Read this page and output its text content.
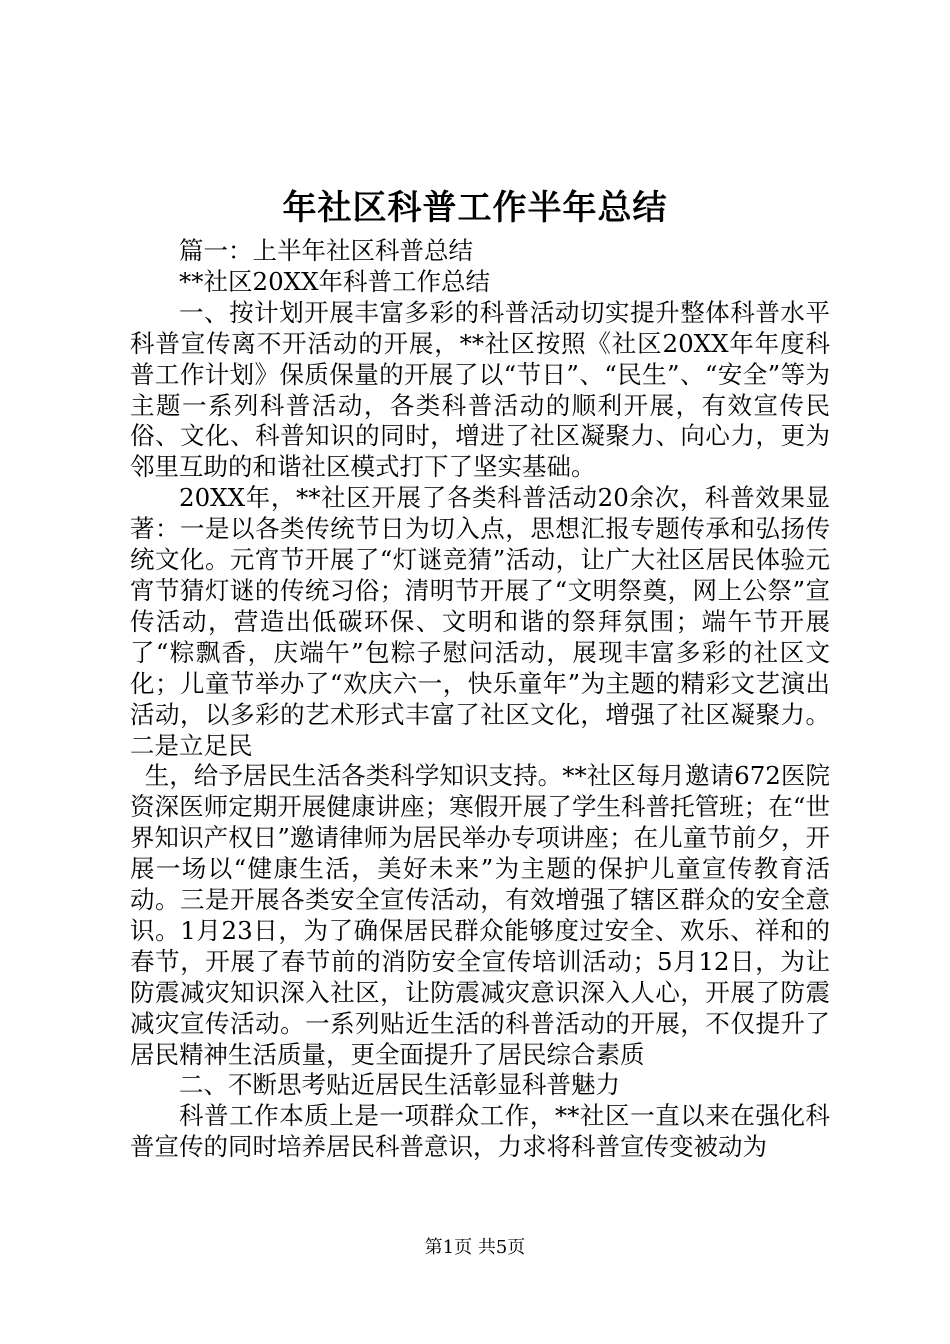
年社区科普工作半年总结

篇一：上半年社区科普总结

**社区20XX年科普工作总结

一、按计划开展丰富多彩的科普活动切实提升整体科普水平科普宣传离不开活动的开展，**社区按照《社区20XX年年度科普工作计划》保质保量的开展了以“节日”、“民生”、“安全”等为主题一系列科普活动，各类科普活动的顺利开展，有效宣传民俗、文化、科普知识的同时，增进了社区凝聚力、向心力，更为邻里互助的和谐社区模式打下了坚实基础。

20XX年，**社区开展了各类科普活动20余次，科普效果显著：一是以各类传统节日为切入点，思想汇报专题传承和弘扬传统文化。元宵节开展了“灯谜竞猜”活动，让广大社区居民体验元宵节猜灯谜的传统习俗；清明节开展了“文明祭奠，网上公祭”宣传活动，营造出低碳环保、文明和谐的祭拜氛围；端午节开展了“粽飘香，庆端午”包粽子慰问活动，展现丰富多彩的社区文化；儿童节举办了“欢庆六一，快乐童年”为主题的精彩文艺演出活动，以多彩的艺术形式丰富了社区文化，增强了社区凝聚力。二是立足民

生，给予居民生活各类科学知识支持。**社区每月邀请672医院资深医师定期开展健康讲座；寒假开展了学生科普托管班；在“世界知识产权日”邀请律师为居民举办专项讲座；在儿童节前夕，开展一场以“健康生活，美好未来”为主题的保护儿童宣传教育活动。三是开展各类安全宣传活动，有效增强了辖区群众的安全意识。1月23日，为了确保居民群众能够度过安全、欢乐、祥和的春节，开展了春节前的消防安全宣传培训活动；5月12日，为让防震减灾知识深入社区，让防震减灾意识深入人心，开展了防震减灾宣传活动。一系列贴近生活的科普活动的开展，不仅提升了居民精神生活质量，更全面提升了居民综合素质

二、不断思考贴近居民生活彰显科普魅力

科普工作本质上是一项群众工作，**社区一直以来在强化科普宣传的同时培养居民科普意识，力求将科普宣传变被动为

第1页 共5页
